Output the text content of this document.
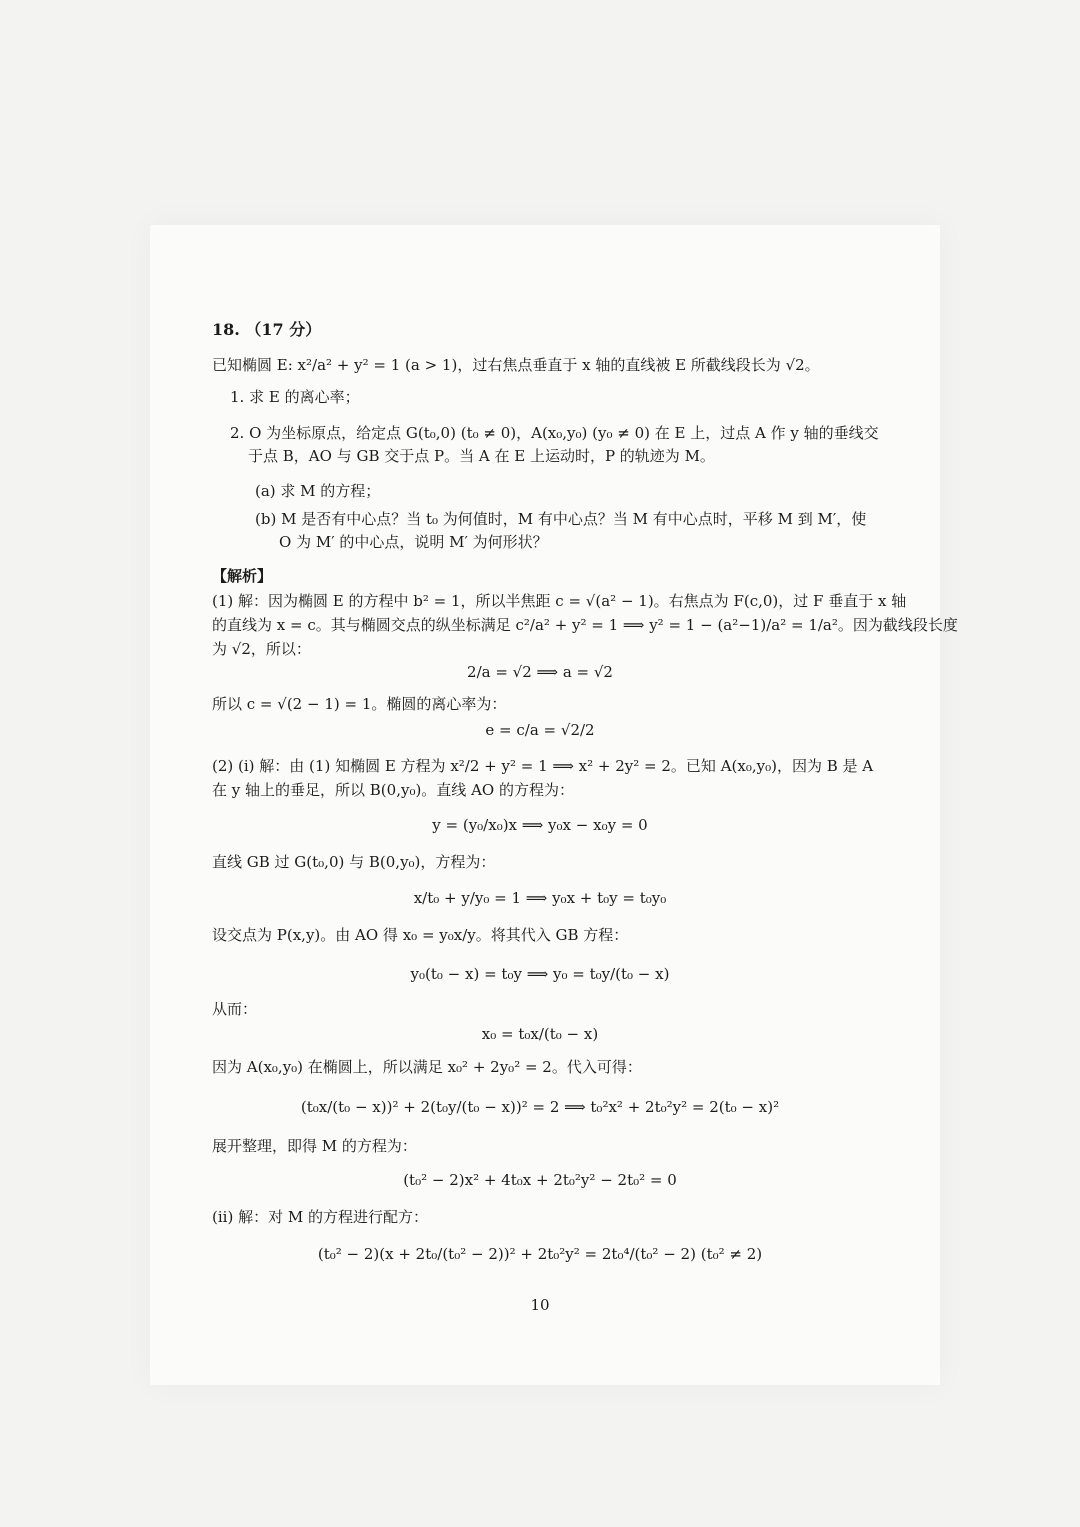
18. （17 分）
已知椭圆 E: x²/a² + y² = 1 (a > 1)，过右焦点垂直于 x 轴的直线被 E 所截线段长为 √2。
1. 求 E 的离心率；
2. O 为坐标原点，给定点 G(t₀,0) (t₀ ≠ 0)，A(x₀,y₀) (y₀ ≠ 0) 在 E 上，过点 A 作 y 轴的垂线交
于点 B，AO 与 GB 交于点 P。当 A 在 E 上运动时，P 的轨迹为 M。
(a) 求 M 的方程；
(b) M 是否有中心点？当 t₀ 为何值时，M 有中心点？当 M 有中心点时，平移 M 到 M′，使
O 为 M′ 的中心点，说明 M′ 为何形状？
【解析】
(1) 解：因为椭圆 E 的方程中 b² = 1，所以半焦距 c = √(a² − 1)。右焦点为 F(c,0)，过 F 垂直于 x 轴
的直线为 x = c。其与椭圆交点的纵坐标满足 c²/a² + y² = 1 ⟹ y² = 1 − (a²−1)/a² = 1/a²。因为截线段长度
为 √2，所以：
2/a = √2 ⟹ a = √2
所以 c = √(2 − 1) = 1。椭圆的离心率为：
e = c/a = √2/2
(2) (i) 解：由 (1) 知椭圆 E 方程为 x²/2 + y² = 1 ⟹ x² + 2y² = 2。已知 A(x₀,y₀)，因为 B 是 A
在 y 轴上的垂足，所以 B(0,y₀)。直线 AO 的方程为：
y = (y₀/x₀)x ⟹ y₀x − x₀y = 0
直线 GB 过 G(t₀,0) 与 B(0,y₀)，方程为：
x/t₀ + y/y₀ = 1 ⟹ y₀x + t₀y = t₀y₀
设交点为 P(x,y)。由 AO 得 x₀ = y₀x/y。将其代入 GB 方程：
y₀(t₀ − x) = t₀y ⟹ y₀ = t₀y/(t₀ − x)
从而：
x₀ = t₀x/(t₀ − x)
因为 A(x₀,y₀) 在椭圆上，所以满足 x₀² + 2y₀² = 2。代入可得：
(t₀x/(t₀ − x))² + 2(t₀y/(t₀ − x))² = 2 ⟹ t₀²x² + 2t₀²y² = 2(t₀ − x)²
展开整理，即得 M 的方程为：
(t₀² − 2)x² + 4t₀x + 2t₀²y² − 2t₀² = 0
(ii) 解：对 M 的方程进行配方：
(t₀² − 2)(x + 2t₀/(t₀² − 2))² + 2t₀²y² = 2t₀⁴/(t₀² − 2) (t₀² ≠ 2)
10
